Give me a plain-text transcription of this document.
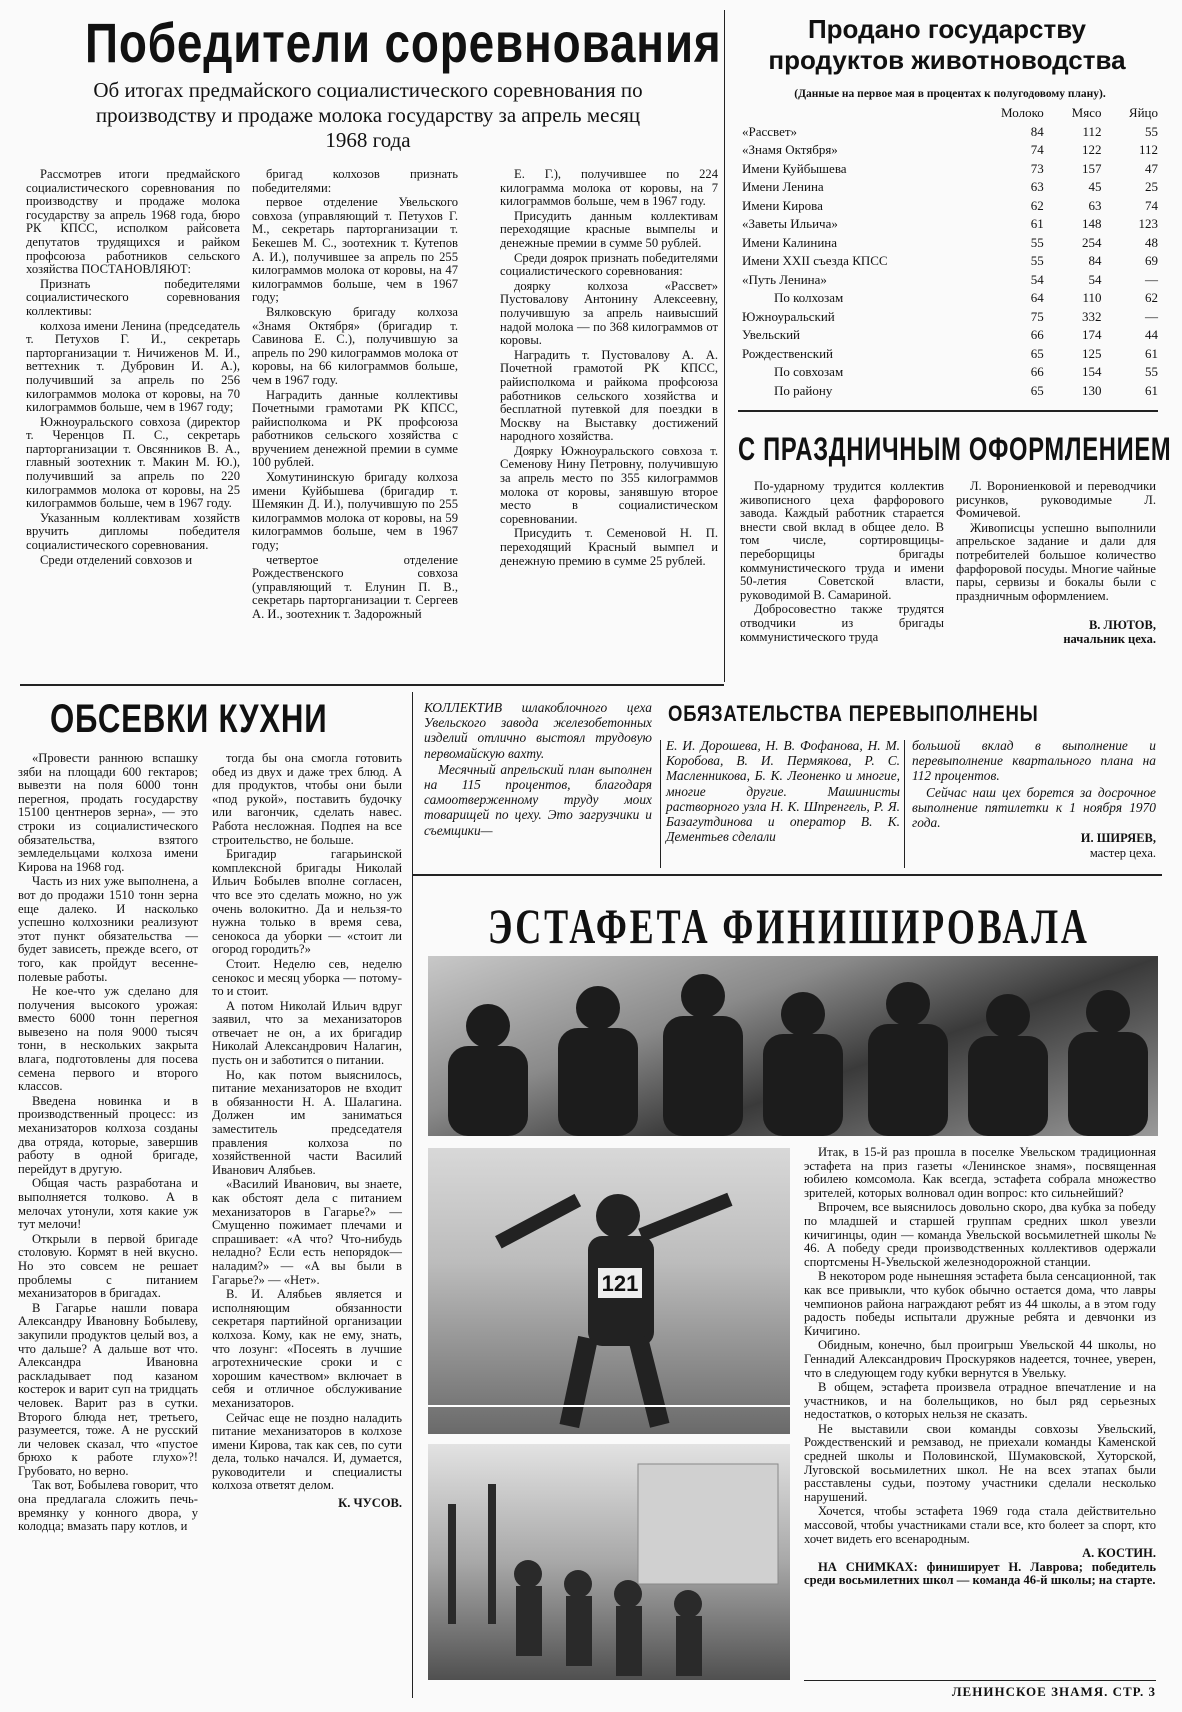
Победители соревнования
Об итогах предмайского социалистического соревнования по производству и продаже молока государству за апрель месяц 1968 года

Рассмотрев итоги предмайского социалистического соревнования по производству и продаже молока государству за апрель 1968 года, бюро РК КПСС, исполком райсовета депутатов трудящихся и райком профсоюза работников сельского хозяйства ПОСТАНОВЛЯЮТ:

Признать победителями социалистического соревнования коллективы:

колхоза имени Ленина (председатель т. Петухов Г. И., секретарь парторганизации т. Ничиженов М. И., веттехник т. Дубровин И. А.), получивший за апрель по 256 килограммов молока от коровы, на 70 килограммов больше, чем в 1967 году;

Южноуральского совхоза (директор т. Черенцов П. С., секретарь парторганизации т. Овсянников В. А., главный зоотехник т. Макин М. Ю.), получивший за апрель по 220 килограммов молока от коровы, на 25 килограммов больше, чем в 1967 году.

Указанным коллективам хозяйств вручить дипломы победителя социалистического соревнования.

Среди отделений совхозов и

бригад колхозов признать победителями:

первое отделение Увельского совхоза (управляющий т. Петухов Г. М., секретарь парторганизации т. Бекешев М. С., зоотехник т. Кутепов А. И.), получившее за апрель по 255 килограммов молока от коровы, на 47 килограммов больше, чем в 1967 году;

Вялковскую бригаду колхоза «Знамя Октября» (бригадир т. Савинова Е. С.), получившую за апрель по 290 килограммов молока от коровы, на 66 килограммов больше, чем в 1967 году.

Наградить данные коллективы Почетными грамотами РК КПСС, райисполкома и РК профсоюза работников сельского хозяйства с вручением денежной премии в сумме 100 рублей.

Хомутининскую бригаду колхоза имени Куйбышева (бригадир т. Шемякин Д. И.), получившую по 255 килограммов молока от коровы, на 59 килограммов больше, чем в 1967 году;

четвертое отделение Рождественского совхоза (управляющий т. Елунин П. В., секретарь парторганизации т. Сергеев А. И., зоотехник т. Задорожный

Е. Г.), получившее по 224 килограмма молока от коровы, на 7 килограммов больше, чем в 1967 году.

Присудить данным коллективам переходящие красные вымпелы и денежные премии в сумме 50 рублей.

Среди доярок признать победителями социалистического соревнования:

доярку колхоза «Рассвет» Пустовалову Антонину Алексеевну, получившую за апрель наивысший надой молока — по 368 килограммов от коровы.

Наградить т. Пустовалову А. А. Почетной грамотой РК КПСС, райисполкома и райкома профсоюза работников сельского хозяйства и бесплатной путевкой для поездки в Москву на Выставку достижений народного хозяйства.

Доярку Южноуральского совхоза т. Семенову Нину Петровну, получившую за апрель место по 355 килограммов молока от коровы, занявшую второе место в социалистическом соревновании.

Присудить т. Семеновой Н. П. переходящий Красный вымпел и денежную премию в сумме 25 рублей.

Продано государству
продуктов животноводства
(Данные на первое мая в процентах к полугодовому плану).
	Молоко	Мясо	Яйцо
«Рассвет»	84	112	55
«Знамя Октября»	74	122	112
Имени Куйбышева	73	157	47
Имени Ленина	63	45	25
Имени Кирова	62	63	74
«Заветы Ильича»	61	148	123
Имени Калинина	55	254	48
Имени XXII съезда КПСС	55	84	69
«Путь Ленина»	54	54	—
По колхозам	64	110	62
Южноуральский	75	332	—
Увельский	66	174	44
Рождественский	65	125	61
По совхозам	66	154	55
По району	65	130	61
С ПРАЗДНИЧНЫМ ОФОРМЛЕНИЕМ

По-ударному трудится коллектив живописного цеха фарфорового завода. Каждый работник старается внести свой вклад в общее дело. В том числе, сортировщицы-переборщицы бригады коммунистического труда и имени 50-летия Советской власти, руководимой В. Самариной.

Добросовестно также трудятся отводчики из бригады коммунистического труда

Л. Ворониенковой и переводчики рисунков, руководимые Л. Фомичевой.

Живописцы успешно выполнили апрельское задание и дали для потребителей большое количество фарфоровой посуды. Многие чайные пары, сервизы и бокалы были с праздничным оформлением.

В. ЛЮТОВ,
начальник цеха.
ОБСЕВКИ КУХНИ

«Провести раннюю вспашку зяби на площади 600 гектаров; вывезти на поля 6000 тонн перегноя, продать государству 15100 центнеров зерна», — это строки из социалистического обязательства, взятого земледельцами колхоза имени Кирова на 1968 год.

Часть из них уже выполнена, а вот до продажи 1510 тонн зерна еще далеко. И насколько успешно колхозники реализуют этот пункт обязательства — будет зависеть, прежде всего, от того, как пройдут весенне-полевые работы.

Не кое-что уж сделано для получения высокого урожая: вместо 6000 тонн перегноя вывезено на поля 9000 тысяч тонн, в нескольких закрыта влага, подготовлены для посева семена первого и второго классов.

Введена новинка и в производственный процесс: из механизаторов колхоза созданы два отряда, которые, завершив работу в одной бригаде, перейдут в другую.

Общая часть разработана и выполняется толково. А в мелочах утонули, хотя какие уж тут мелочи!

Открыли в первой бригаде столовую. Кормят в ней вкусно. Но это совсем не решает проблемы с питанием механизаторов в бригадах.

В Гагарье нашли повара Александру Ивановну Бобылеву, закупили продуктов целый воз, а что дальше? А дальше вот что. Александра Ивановна раскладывает под казаном костерок и варит суп на тридцать человек. Варит раз в сутки. Второго блюда нет, третьего, разумеется, тоже. А не русский ли человек сказал, что «пустое брюхо к работе глухо»?! Грубовато, но верно.

Так вот, Бобылева говорит, что она предлагала сложить печь-времянку у конного двора, у колодца; вмазать пару котлов, и

тогда бы она смогла готовить обед из двух и даже трех блюд. А для продуктов, чтобы они были «под рукой», поставить будочку или вагончик, сделать навес. Работа несложная. Подпея на все строительство, не больше.

Бригадир гагарьинской комплексной бригады Николай Ильич Бобылев вполне согласен, что все это сделать можно, но уж очень волокитно. Да и нельзя-то нужна только в время сева, сенокоса да уборки — «стоит ли огород городить?»

Стоит. Неделю сев, неделю сенокос и месяц уборка — потому-то и стоит.

А потом Николай Ильич вдруг заявил, что за механизаторов отвечает не он, а их бригадир Николай Александрович Налагин, пусть он и заботится о питании.

Но, как потом выяснилось, питание механизаторов не входит в обязанности Н. А. Шалагина. Должен им заниматься заместитель председателя правления колхоза по хозяйственной части Василий Иванович Алябьев.

«Василий Иванович, вы знаете, как обстоят дела с питанием механизаторов в Гагарье?» — Смущенно пожимает плечами и спрашивает: «А что? Что-нибудь неладно? Если есть непорядок—наладим?» — «А вы были в Гагарье?» — «Нет».

В. И. Алябьев является и исполняющим обязанности секретаря партийной организации колхоза. Кому, как не ему, знать, что лозунг: «Посеять в лучшие агротехнические сроки и с хорошим качеством» включает в себя и отличное обслуживание механизаторов.

Сейчас еще не поздно наладить питание механизаторов в колхозе имени Кирова, так как сев, по сути дела, только начался. И, думается, руководители и специалисты колхоза ответят делом.

К. ЧУСОВ.

КОЛЛЕКТИВ шлакоблочного цеха Увельского завода железобетонных изделий отлично выстоял трудовую первомайскую вахту.

Месячный апрельский план выполнен на 115 процентов, благодаря самоотверженному труду моих товарищей по цеху. Это загрузчики и съемщики—

ОБЯЗАТЕЛЬСТВА ПЕРЕВЫПОЛНЕНЫ
Е. И. Дорошева, Н. В. Фофанова, Н. М. Коробова, В. И. Пермякова, Р. С. Масленникова, Б. К. Леоненко и многие, многие другие. Машинисты растворного узла Н. К. Шпренгель, Р. Я. Базагутдинова и оператор В. К. Дементьев сделали

большой вклад в выполнение и перевыполнение квартального плана на 112 процентов.

Сейчас наш цех борется за досрочное выполнение пятилетки к 1 ноября 1970 года.

И. ШИРЯЕВ,
мастер цеха.
ЭСТАФЕТА ФИНИШИРОВАЛА
121

Итак, в 15-й раз прошла в поселке Увельском традиционная эстафета на приз газеты «Ленинское знамя», посвященная юбилею комсомола. Как всегда, эстафета собрала множество зрителей, которых волновал один вопрос: кто сильнейший?

Впрочем, все выяснилось довольно скоро, два кубка за победу по младшей и старшей группам средних школ увезли кичигинцы, один — команда Увельской восьмилетней школы № 46. А победу среди производственных коллективов одержали спортсмены Н-Увельской железнодорожной станции.

В некотором роде нынешняя эстафета была сенсационной, так как все привыкли, что кубок обычно остается дома, что лавры чемпионов района награждают ребят из 44 школы, а в этом году радость победы испытали дружные ребята и девчонки из Кичигино.

Обидным, конечно, был проигрыш Увельской 44 школы, но Геннадий Александрович Проскуряков надеется, точнее, уверен, что в следующем году кубки вернутся в Увельку.

В общем, эстафета произвела отрадное впечатление и на участников, и на болельщиков, но был ряд серьезных недостатков, о которых нельзя не сказать.

Не выставили свои команды совхозы Увельский, Рождественский и ремзавод, не приехали команды Каменской средней школы и Половинской, Шумаковской, Хуторской, Луговской восьмилетних школ. Не на всех этапах были расставлены судьи, поэтому участники сделали несколько нарушений.

Хочется, чтобы эстафета 1969 года стала действительно массовой, чтобы участниками стали все, кто болеет за спорт, кто хочет видеть его всенародным.

А. КОСТИН.

НА СНИМКАХ: финиширует Н. Лаврова; победитель среди восьмилетних школ — команда 46-й школы; на старте.

ЛЕНИНСКОЕ ЗНАМЯ. СТР. 3
